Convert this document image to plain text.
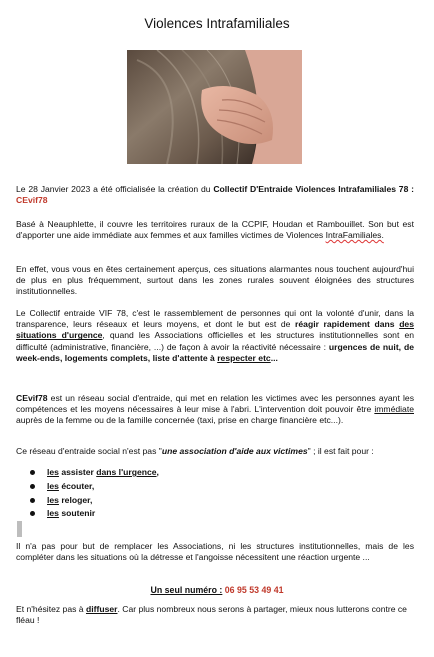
Violences Intrafamiliales
Le 28 Janvier 2023 a été officialisée la création du Collectif D'Entraide Violences Intrafamiliales 78 : CEvif78
Basé à Neauphlette, il couvre les territoires ruraux de la CCPIF, Houdan et Rambouillet. Son but est d'apporter une aide immédiate aux femmes et aux familles victimes de Violences IntraFamiliales.
En effet, vous vous en êtes certainement aperçus, ces situations alarmantes nous touchent aujourd'hui de plus en plus fréquemment, surtout dans les zones rurales souvent éloignées des structures institutionnelles.
Le Collectif entraide VIF 78, c'est le rassemblement de personnes qui ont la volonté d'unir, dans la transparence, leurs réseaux et leurs moyens, et dont le but est de réagir rapidement dans des situations d'urgence, quand les Associations officielles et les structures institutionnelles sont en difficulté (administrative, financière, ...) de façon à avoir la réactivité nécessaire : urgences de nuit, de week-ends, logements complets, liste d'attente à respecter etc...
CEvif78 est un réseau social d'entraide, qui met en relation les victimes avec les personnes ayant les compétences et les moyens nécessaires à leur mise à l'abri. L'intervention doit pouvoir être immédiate auprès de la femme ou de la famille concernée (taxi, prise en charge financière etc...).
Ce réseau d'entraide social n'est pas "une association d'aide aux victimes" ; il est fait pour :
les assister dans l'urgence,
les écouter,
les reloger,
les soutenir
Il n'a pas pour but de remplacer les Associations, ni les structures institutionnelles, mais de les compléter dans les situations où la détresse et l'angoisse nécessitent une réaction urgente ...
Un seul numéro : 06 95 53 49 41
Et n'hésitez pas à diffuser. Car plus nombreux nous serons à partager, mieux nous lutterons contre ce fléau !
